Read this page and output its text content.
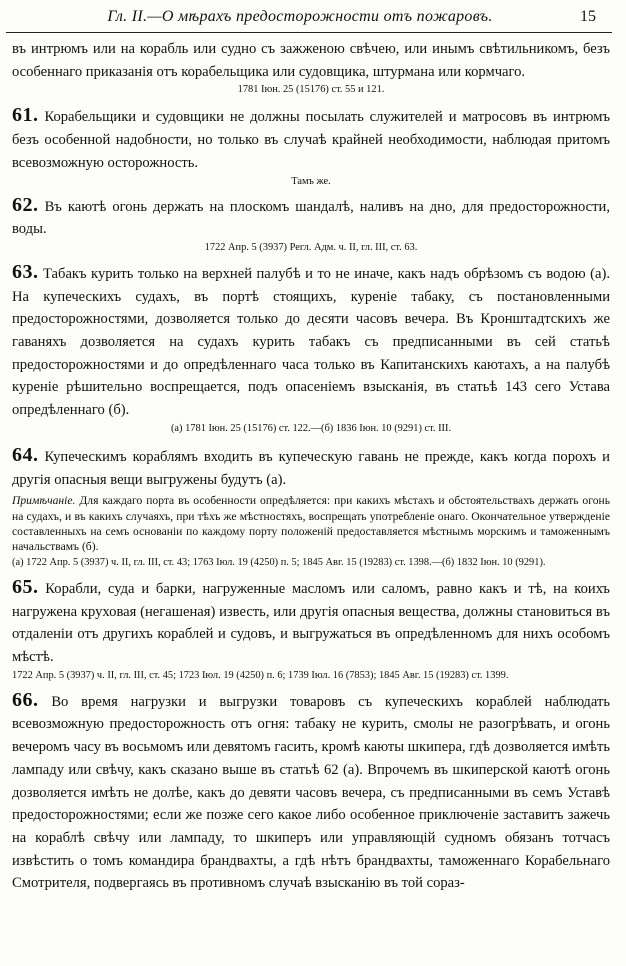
Гл. II.—О мѣрахъ предосторожности отъ пожаровъ.	15

въ интрюмъ или на корабль или судно съ зажженою свѣчею, или инымъ свѣтильникомъ, безъ особеннаго приказанія отъ корабельщика или судовщика, штурмана или кормчаго.

1781 Іюн. 25 (15176) ст. 55 и 121.

61. Корабельщики и судовщики не должны посылать служителей и матросовъ въ интрюмъ безъ особенной надобности, но только въ случаѣ крайней необходимости, наблюдая притомъ всевозможную осторожность.

Тамъ же.

62. Въ каютѣ огонь держать на плоскомъ шандалѣ, наливъ на дно, для предосторожности, воды.

1722 Апр. 5 (3937) Регл. Адм. ч. II, гл. III, ст. 63.

63. Табакъ курить только на верхней палубѣ и то не иначе, какъ надъ обрѣзомъ съ водою (а). На купеческихъ судахъ, въ портѣ стоящихъ, куреніе табаку, съ постановленными предосторожностями, дозволяется только до десяти часовъ вечера. Въ Кронштадтскихъ же гаваняхъ дозволяется на судахъ курить табакъ съ предписанными въ сей статьѣ предосторожностями и до опредѣленнаго часа только въ Капитанскихъ каютахъ, а на палубѣ куреніе рѣшительно воспрещается, подъ опасеніемъ взысканія, въ статьѣ 143 сего Устава опредѣленнаго (б).

(а) 1781 Іюн. 25 (15176) ст. 122.—(б) 1836 Іюн. 10 (9291) ст. III.

64. Купеческимъ кораблямъ входить въ купеческую гавань не прежде, какъ когда порохъ и другія опасныя вещи выгружены будутъ (а).

Примѣчаніе. Для каждаго порта въ особенности опредѣляется: при какихъ мѣстахъ и обстоятельствахъ держать огонь на судахъ, и въ какихъ случаяхъ, при тѣхъ же мѣстностяхъ, воспрещать употребленіе онаго. Окончательное утвержденіе составленныхъ на семъ основаніи по каждому порту положеній предоставляется мѣстнымъ морскимъ и таможеннымъ начальствамъ (б).

(а) 1722 Апр. 5 (3937) ч. II, гл. III, ст. 43; 1763 Іюл. 19 (4250) п. 5; 1845 Авг. 15 (19283) ст. 1398.—(б) 1832 Іюн. 10 (9291).

65. Корабли, суда и барки, нагруженные масломъ или саломъ, равно какъ и тѣ, на коихъ нагружена круховая (негашеная) известь, или другія опасныя вещества, должны становиться въ отдаленіи отъ другихъ кораблей и судовъ, и выгружаться въ опредѣленномъ для нихъ особомъ мѣстѣ.

1722 Апр. 5 (3937) ч. II, гл. III, ст. 45; 1723 Іюл. 19 (4250) п. 6; 1739 Іюл. 16 (7853); 1845 Авг. 15 (19283) ст. 1399.

66. Во время нагрузки и выгрузки товаровъ съ купеческихъ кораблей наблюдать всевозможную предосторожность отъ огня: табаку не курить, смолы не разогрѣвать, и огонь вечеромъ часу въ восьмомъ или девятомъ гасить, кромѣ каюты шкипера, гдѣ дозволяется имѣть лампаду или свѣчу, какъ сказано выше въ статьѣ 62 (а). Впрочемъ въ шкиперской каютѣ огонь дозволяется имѣть не долѣе, какъ до девяти часовъ вечера, съ предписанными въ семъ Уставѣ предосторожностями; если же позже сего какое либо особенное приключеніе заставитъ зажечь на кораблѣ свѣчу или лампаду, то шкиперъ или управляющій судномъ обязанъ тотчасъ извѣстить о томъ командира брандвахты, а гдѣ нѣтъ брандвахты, таможеннаго Корабельнаго Смотрителя, подвергаясь въ противномъ случаѣ взысканію въ той сораз-
